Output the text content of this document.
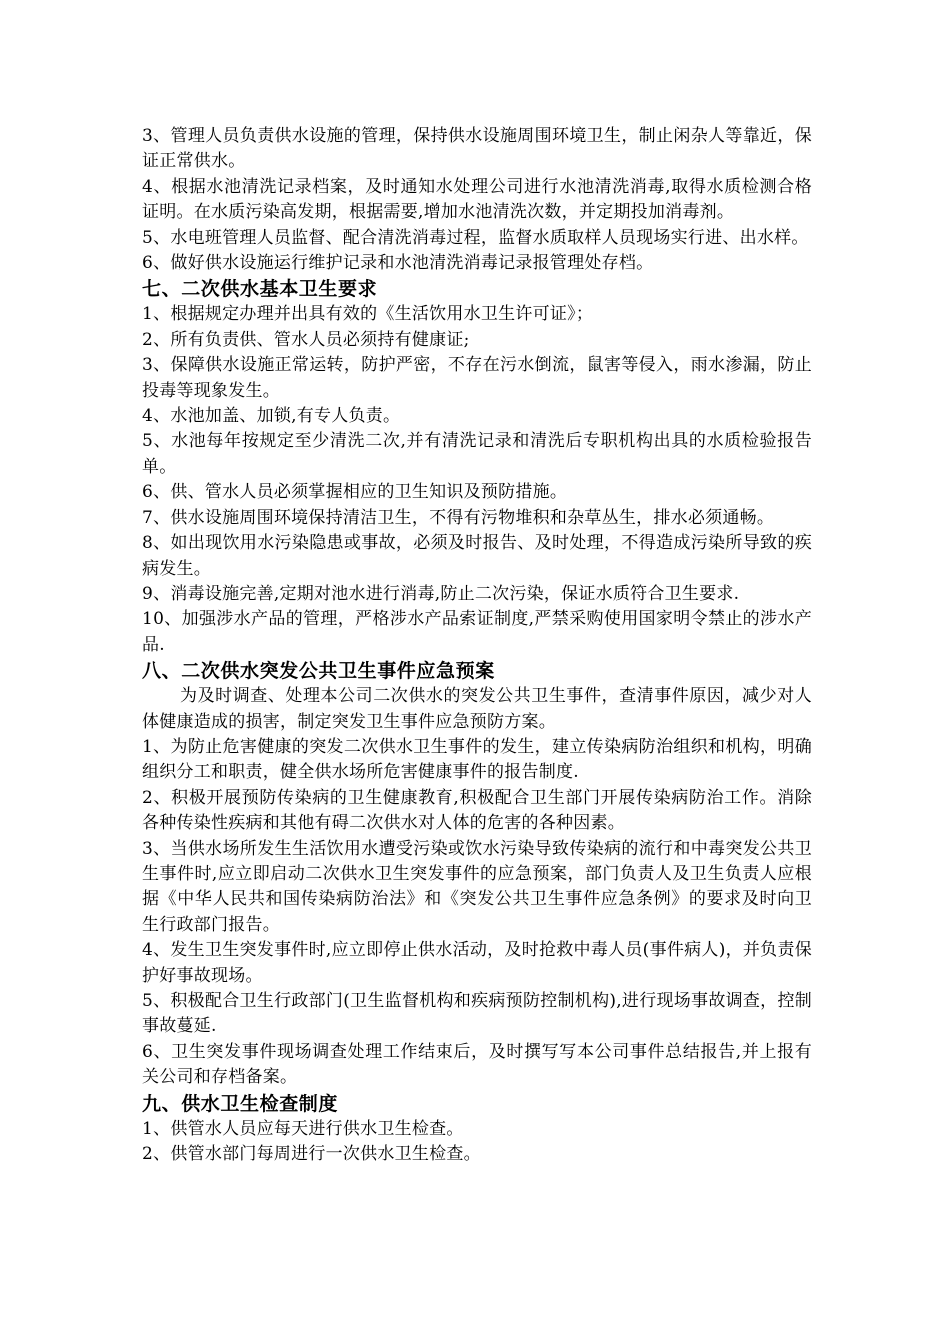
3、管理人员负责供水设施的管理，保持供水设施周围环境卫生，制止闲杂人等靠近，保证正常供水。

4、根据水池清洗记录档案，及时通知水处理公司进行水池清洗消毒,取得水质检测合格证明。在水质污染高发期，根据需要,增加水池清洗次数，并定期投加消毒剂。

5、水电班管理人员监督、配合清洗消毒过程，监督水质取样人员现场实行进、出水样。

6、做好供水设施运行维护记录和水池清洗消毒记录报管理处存档。

七、二次供水基本卫生要求

1、根据规定办理并出具有效的《生活饮用水卫生许可证》；

2、所有负责供、管水人员必须持有健康证;

3、保障供水设施正常运转，防护严密，不存在污水倒流，鼠害等侵入，雨水渗漏，防止投毒等现象发生。

4、水池加盖、加锁,有专人负责。

5、水池每年按规定至少清洗二次,并有清洗记录和清洗后专职机构出具的水质检验报告单。

6、供、管水人员必须掌握相应的卫生知识及预防措施。

7、供水设施周围环境保持清洁卫生，不得有污物堆积和杂草丛生，排水必须通畅。

8、如出现饮用水污染隐患或事故，必须及时报告、及时处理，不得造成污染所导致的疾病发生。

9、消毒设施完善,定期对池水进行消毒,防止二次污染，保证水质符合卫生要求.

10、加强涉水产品的管理，严格涉水产品索证制度,严禁采购使用国家明令禁止的涉水产品.

八、二次供水突发公共卫生事件应急预案

为及时调查、处理本公司二次供水的突发公共卫生事件，查清事件原因，减少对人体健康造成的损害，制定突发卫生事件应急预防方案。

1、为防止危害健康的突发二次供水卫生事件的发生，建立传染病防治组织和机构，明确组织分工和职责，健全供水场所危害健康事件的报告制度.

2、积极开展预防传染病的卫生健康教育,积极配合卫生部门开展传染病防治工作。消除各种传染性疾病和其他有碍二次供水对人体的危害的各种因素。

3、当供水场所发生生活饮用水遭受污染或饮水污染导致传染病的流行和中毒突发公共卫生事件时,应立即启动二次供水卫生突发事件的应急预案，部门负责人及卫生负责人应根据《中华人民共和国传染病防治法》和《突发公共卫生事件应急条例》的要求及时向卫生行政部门报告。

4、发生卫生突发事件时,应立即停止供水活动，及时抢救中毒人员(事件病人)，并负责保护好事故现场。

5、积极配合卫生行政部门(卫生监督机构和疾病预防控制机构),进行现场事故调查，控制事故蔓延.

6、卫生突发事件现场调查处理工作结束后，及时撰写写本公司事件总结报告,并上报有关公司和存档备案。

九、供水卫生检查制度

1、供管水人员应每天进行供水卫生检查。

2、供管水部门每周进行一次供水卫生检查。
